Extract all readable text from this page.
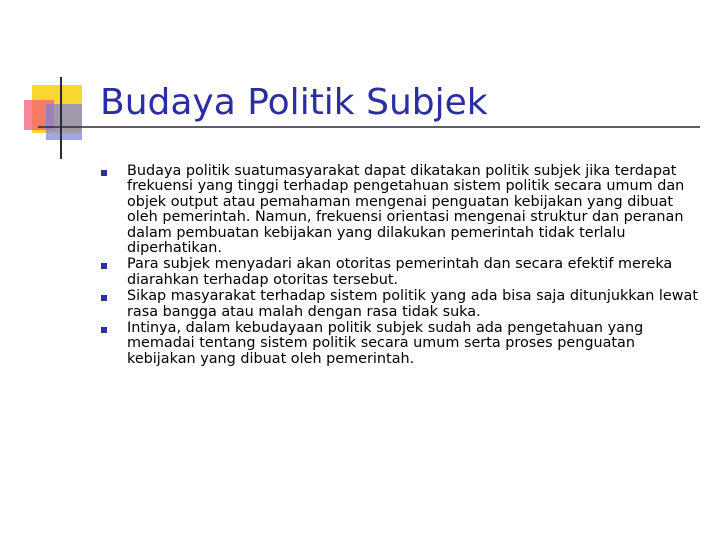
Budaya Politik Subjek
Budaya politik suatumasyarakat dapat dikatakan politik subjek jika terdapat frekuensi yang tinggi terhadap pengetahuan sistem politik secara umum dan objek output atau pemahaman mengenai penguatan kebijakan yang dibuat oleh pemerintah. Namun, frekuensi orientasi mengenai struktur dan peranan dalam pembuatan kebijakan yang dilakukan pemerintah tidak terlalu diperhatikan.
Para subjek menyadari akan otoritas pemerintah dan secara efektif mereka diarahkan terhadap otoritas tersebut.
Sikap masyarakat terhadap sistem politik yang ada bisa saja ditunjukkan lewat rasa bangga atau malah dengan rasa tidak suka.
Intinya, dalam kebudayaan politik subjek sudah ada pengetahuan yang memadai tentang sistem politik secara umum serta proses penguatan kebijakan yang dibuat oleh pemerintah.
